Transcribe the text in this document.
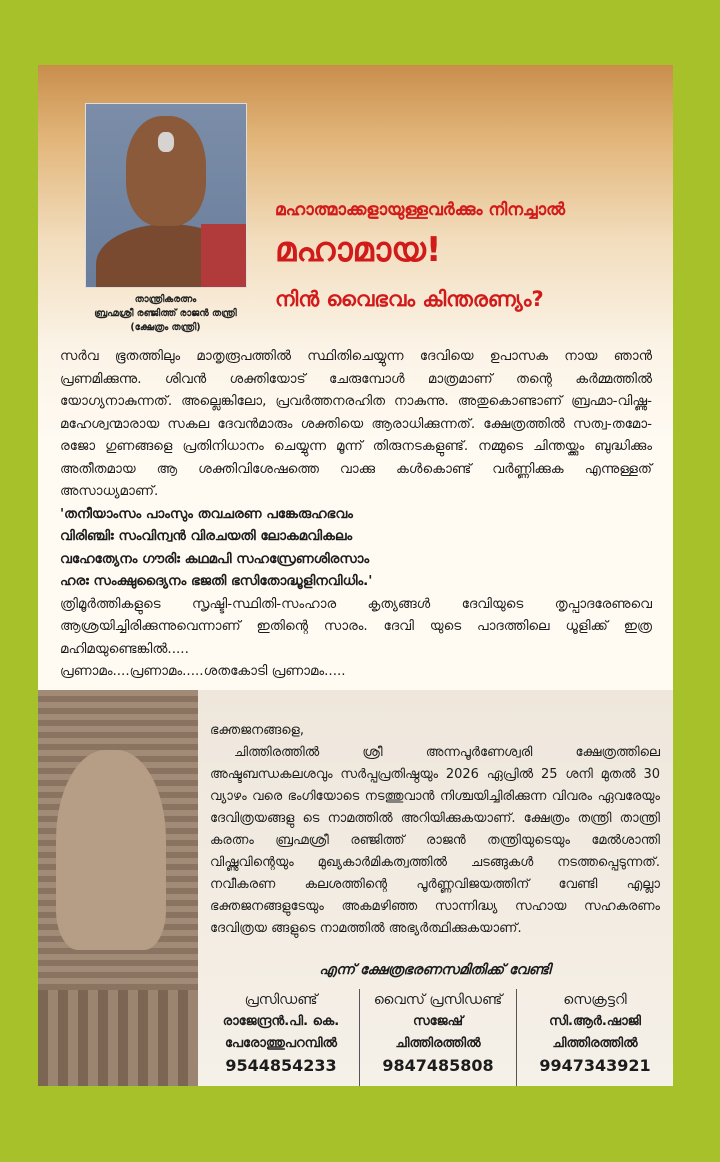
താന്ത്രികരത്നം
ബ്രഹ്മശ്രീ രഞ്ജിത്ത് രാജൻ തന്ത്രി
(ക്ഷേത്രം തന്ത്രി)
മഹാത്മാക്കളായുള്ളവർക്കും നിനച്ചാൽ
മഹാമായ!
നിൻ വൈഭവം കിന്തരണ്യം?

സർവ ഭൂതത്തിലും മാതൃരൂപത്തിൽ സ്ഥിതിചെയ്യുന്ന ദേവിയെ ഉപാസക നായ ഞാൻ പ്രണമിക്കുന്നു. ശിവൻ ശക്തിയോട് ചേരുമ്പോൾ മാത്രമാണ് തന്റെ കർമ്മത്തിൽ യോഗ്യനാകുന്നത്. അല്ലെങ്കിലോ, പ്രവർത്തനരഹിത നാകുന്നു. അതുകൊണ്ടാണ് ബ്രഹ്മാ-വിഷ്ണു-മഹേശ്വന്മാരായ സകല ദേവൻമാരും ശക്തിയെ ആരാധിക്കുന്നത്. ക്ഷേത്രത്തിൽ സത്വ-തമോ-രജോ ഗുണങ്ങളെ പ്രതിനിധാനം ചെയ്യുന്ന മൂന്ന് തിരുനടകളുണ്ട്. നമ്മുടെ ചിന്തയ്ക്കും ബുദ്ധിക്കും അതീതമായ ആ ശക്തിവിശേഷത്തെ വാക്കു കൾകൊണ്ട് വർണ്ണിക്കുക എന്നുള്ളത് അസാധ്യമാണ്.

'തനീയാംസം പാംസും തവചരണ പങ്കേരുഹഭവം

വിരിഞ്ചിഃ സംവിന്വൻ വിരചയതി ലോകമവികലം

വഹേത്യേനം ഗൗരിഃ കഥമപി സഹസ്രേണശിരസാം

ഹരഃ സംക്ഷുദ്യൈനം ഭജതി ഭസിതോദ്ധൂളിനവിധിം.'

ത്രിമൂർത്തികളുടെ സൃഷ്ടി-സ്ഥിതി-സംഹാര കൃത്യങ്ങൾ ദേവിയുടെ തൃപ്പാദരേണുവെ ആശ്രയിച്ചിരിക്കുന്നുവെന്നാണ് ഇതിന്റെ സാരം. ദേവി യുടെ പാദത്തിലെ ധൂളിക്ക് ഇത്ര മഹിമയുണ്ടെങ്കിൽ.....

പ്രണാമം....പ്രണാമം.....ശതകോടി പ്രണാമം.....

ഭക്തജനങ്ങളെ,

ചിത്തിരത്തിൽ ശ്രീ അന്നപൂർണേശ്വരി ക്ഷേത്രത്തിലെ അഷ്ടബന്ധകലശവും സർപ്പപ്രതിഷ്ഠയും 2026 ഏപ്രിൽ 25 ശനി മുതൽ 30 വ്യാഴം വരെ ഭംഗിയോടെ നടത്തുവാൻ നിശ്ചയിച്ചിരിക്കുന്ന വിവരം ഏവരേയും ദേവിത്രയങ്ങളു ടെ നാമത്തിൽ അറിയിക്കുകയാണ്. ക്ഷേത്രം തന്ത്രി താന്ത്രി കരത്നം ബ്രഹ്മശ്രീ രഞ്ജിത്ത് രാജൻ തന്ത്രിയുടെയും മേൽശാന്തി വിഷ്ണുവിന്റെയും മുഖ്യകാർമികത്വത്തിൽ ചടങ്ങുകൾ നടത്തപ്പെടുന്നത്. നവീകരണ കലശത്തിന്റെ പൂർണ്ണവിജയത്തിന് വേണ്ടി എല്ലാ ഭക്തജനങ്ങളുടേയും അകമഴിഞ്ഞ സാന്നിദ്ധ്യ സഹായ സഹകരണം ദേവിത്രയ ങ്ങളുടെ നാമത്തിൽ അഭ്യർത്ഥിക്കുകയാണ്.

എന്ന് ക്ഷേത്രഭരണസമിതിക്ക് വേണ്ടി
പ്രസിഡണ്ട്
രാജേന്ദ്രൻ.പി. കെ.
പേരോത്തുപറമ്പിൽ
9544854233
വൈസ് പ്രസിഡണ്ട്
സജേഷ്
ചിത്തിരത്തിൽ
9847485808
സെക്രട്ടറി
സി.ആർ.ഷാജി
ചിത്തിരത്തിൽ
9947343921
